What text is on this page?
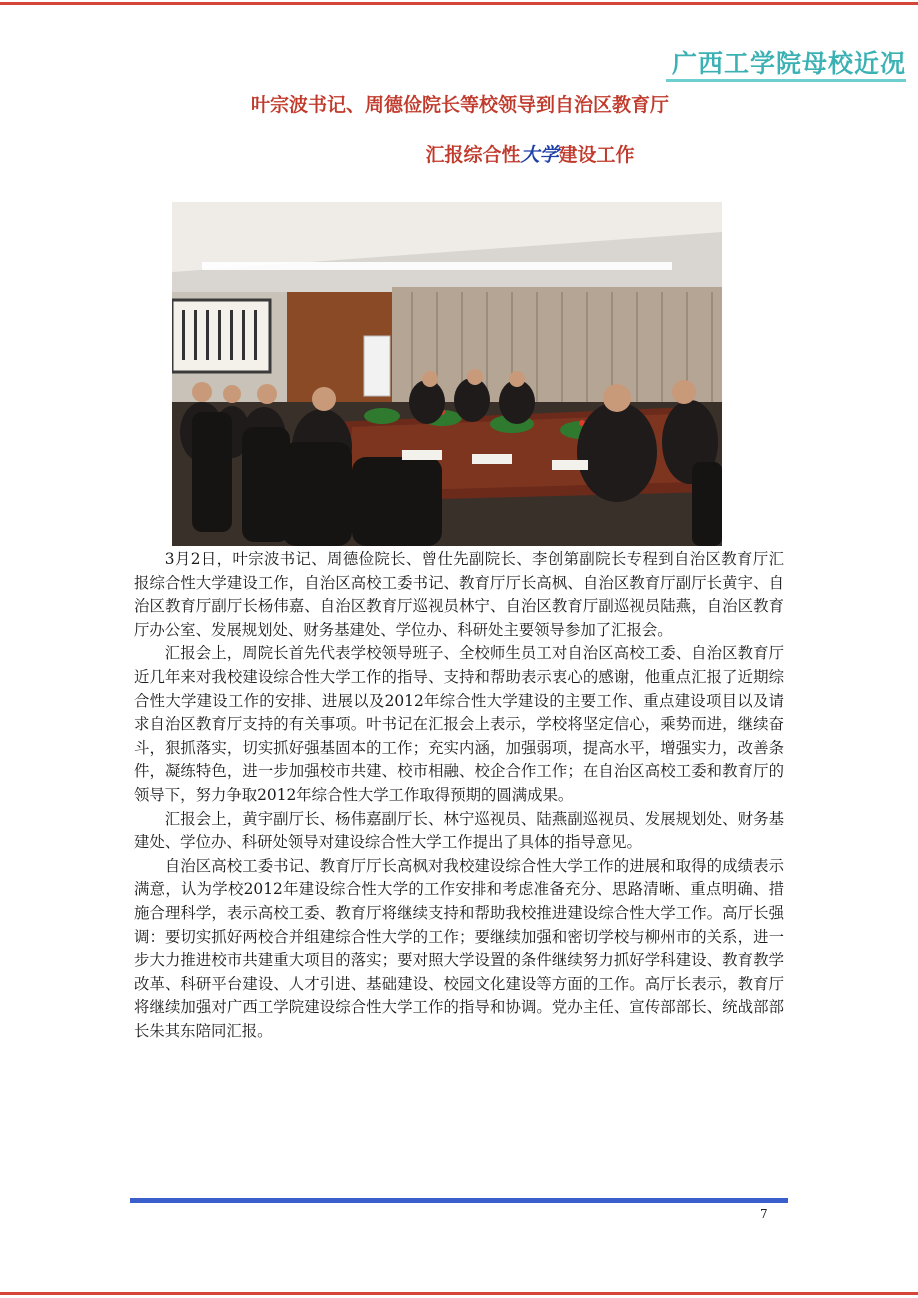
广西工学院母校近况
叶宗波书记、周德俭院长等校领导到自治区教育厅
汇报综合性大学建设工作

3月2日，叶宗波书记、周德俭院长、曾仕先副院长、李创第副院长专程到自治区教育厅汇报综合性大学建设工作，自治区高校工委书记、教育厅厅长高枫、自治区教育厅副厅长黄宇、自治区教育厅副厅长杨伟嘉、自治区教育厅巡视员林宁、自治区教育厅副巡视员陆燕，自治区教育厅办公室、发展规划处、财务基建处、学位办、科研处主要领导参加了汇报会。

汇报会上，周院长首先代表学校领导班子、全校师生员工对自治区高校工委、自治区教育厅近几年来对我校建设综合性大学工作的指导、支持和帮助表示衷心的感谢，他重点汇报了近期综合性大学建设工作的安排、进展以及2012年综合性大学建设的主要工作、重点建设项目以及请求自治区教育厅支持的有关事项。叶书记在汇报会上表示，学校将坚定信心，乘势而进，继续奋斗，狠抓落实，切实抓好强基固本的工作；充实内涵，加强弱项，提高水平，增强实力，改善条件，凝练特色，进一步加强校市共建、校市相融、校企合作工作；在自治区高校工委和教育厅的领导下，努力争取2012年综合性大学工作取得预期的圆满成果。

汇报会上，黄宇副厅长、杨伟嘉副厅长、林宁巡视员、陆燕副巡视员、发展规划处、财务基建处、学位办、科研处领导对建设综合性大学工作提出了具体的指导意见。

自治区高校工委书记、教育厅厅长高枫对我校建设综合性大学工作的进展和取得的成绩表示满意，认为学校2012年建设综合性大学的工作安排和考虑准备充分、思路清晰、重点明确、措施合理科学，表示高校工委、教育厅将继续支持和帮助我校推进建设综合性大学工作。高厅长强调：要切实抓好两校合并组建综合性大学的工作；要继续加强和密切学校与柳州市的关系，进一步大力推进校市共建重大项目的落实；要对照大学设置的条件继续努力抓好学科建设、教育教学改革、科研平台建设、人才引进、基础建设、校园文化建设等方面的工作。高厅长表示，教育厅将继续加强对广西工学院建设综合性大学工作的指导和协调。党办主任、宣传部部长、统战部部长朱其东陪同汇报。

7
